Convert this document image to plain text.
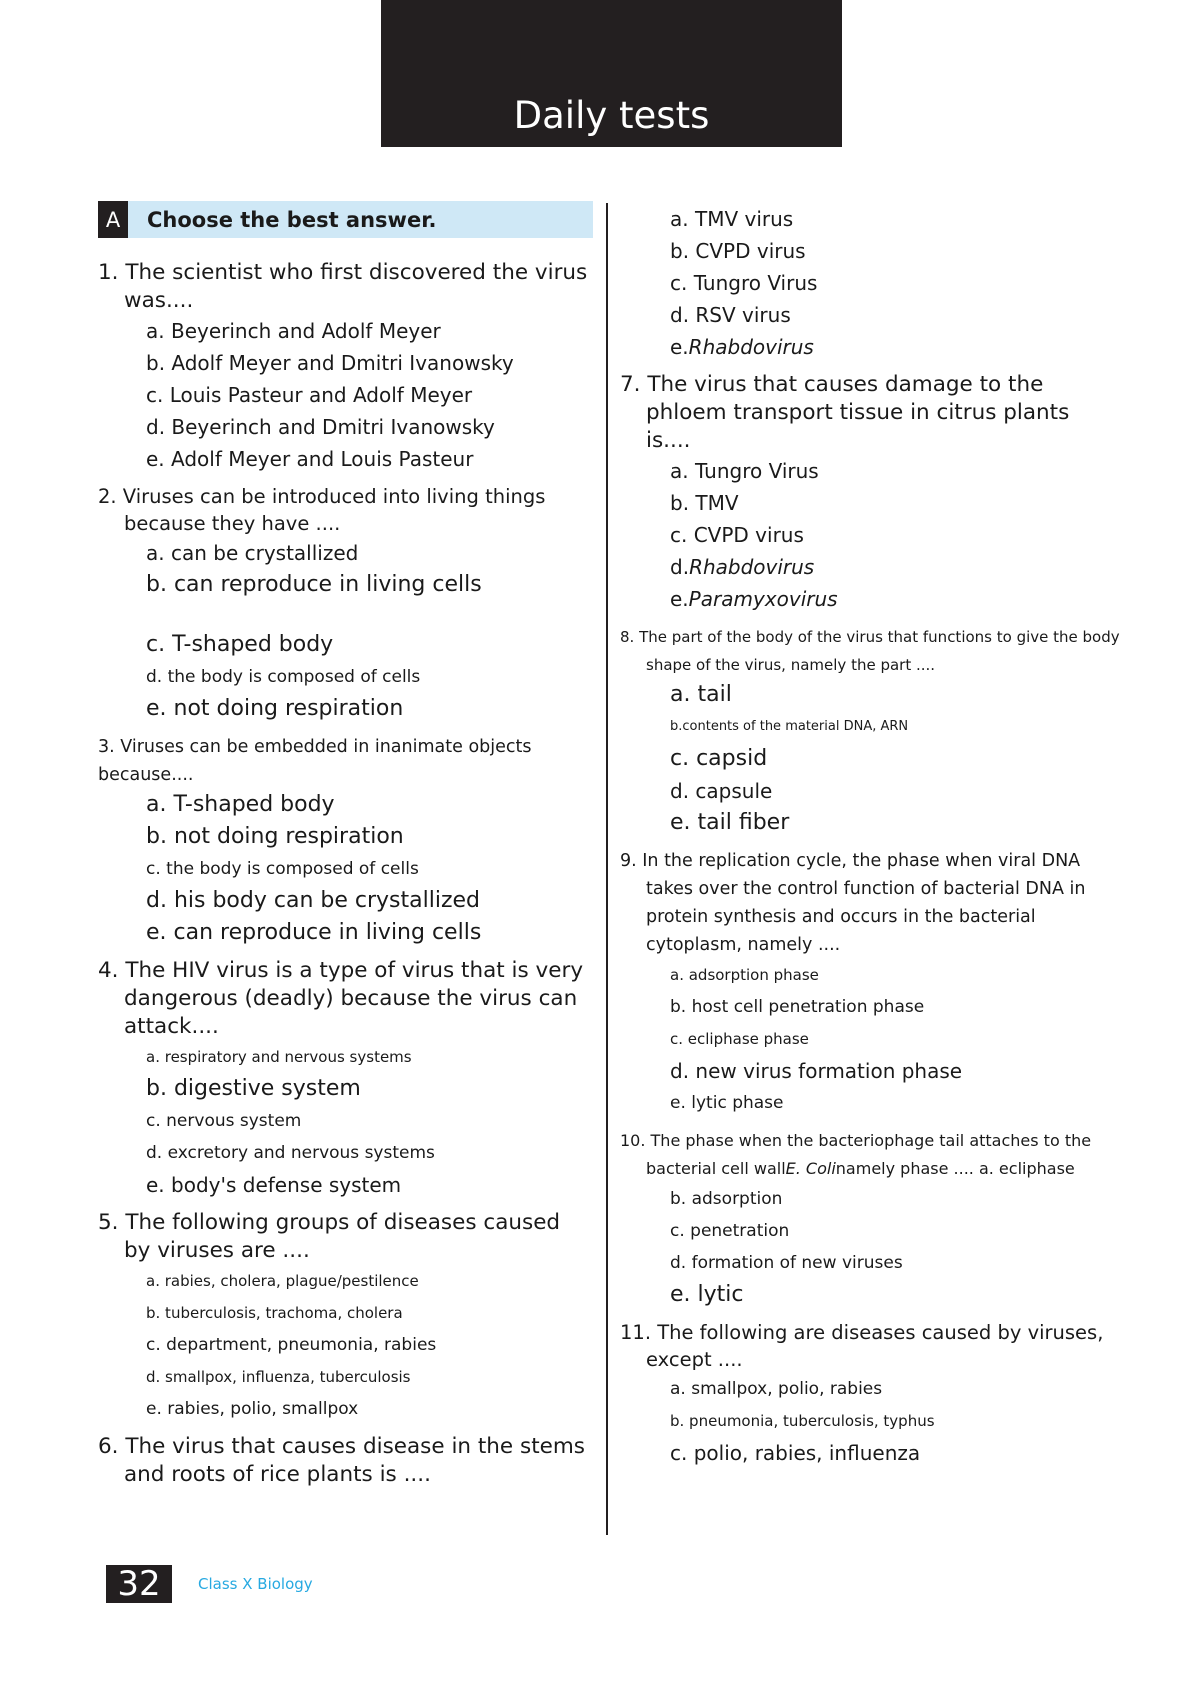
Daily tests
A	Choose the best answer.
1. The scientist who first discovered the virus was....
a. Beyerinch and Adolf Meyer
b. Adolf Meyer and Dmitri Ivanowsky
c. Louis Pasteur and Adolf Meyer
d. Beyerinch and Dmitri Ivanowsky
e. Adolf Meyer and Louis Pasteur
2. Viruses can be introduced into living things because they have ....
a. can be crystallized
b. can reproduce in living cells
c. T-shaped body
d. the body is composed of cells
e. not doing respiration
3. Viruses can be embedded in inanimate objects because....
a. T-shaped body
b. not doing respiration
c. the body is composed of cells
d. his body can be crystallized
e. can reproduce in living cells
4. The HIV virus is a type of virus that is very dangerous (deadly) because the virus can attack....
a. respiratory and nervous systems
b. digestive system
c. nervous system
d. excretory and nervous systems
e. body's defense system
5. The following groups of diseases caused by viruses are ....
a. rabies, cholera, plague/pestilence
b. tuberculosis, trachoma, cholera
c. department, pneumonia, rabies
d. smallpox, influenza, tuberculosis
e. rabies, polio, smallpox
6. The virus that causes disease in the stems and roots of rice plants is ....
a. TMV virus
b. CVPD virus
c. Tungro Virus
d. RSV virus
e.Rhabdovirus
7. The virus that causes damage to the phloem transport tissue in citrus plants is....
a. Tungro Virus
b. TMV
c. CVPD virus
d.Rhabdovirus
e.Paramyxovirus
8. The part of the body of the virus that functions to give the body shape of the virus, namely the part ....
a. tail
b.contents of the material DNA, ARN
c. capsid
d. capsule
e. tail fiber
9. In the replication cycle, the phase when viral DNA takes over the control function of bacterial DNA in protein synthesis and occurs in the bacterial cytoplasm, namely ....
a. adsorption phase
b. host cell penetration phase
c. ecliphase phase
d. new virus formation phase
e. lytic phase
10. The phase when the bacteriophage tail attaches to the bacterial cell wallE. Colinamely phase .... a. ecliphase
b. adsorption
c. penetration
d. formation of new viruses
e. lytic
11. The following are diseases caused by viruses, except ....
a. smallpox, polio, rabies
b. pneumonia, tuberculosis, typhus
c. polio, rabies, influenza
32	Class X Biology
